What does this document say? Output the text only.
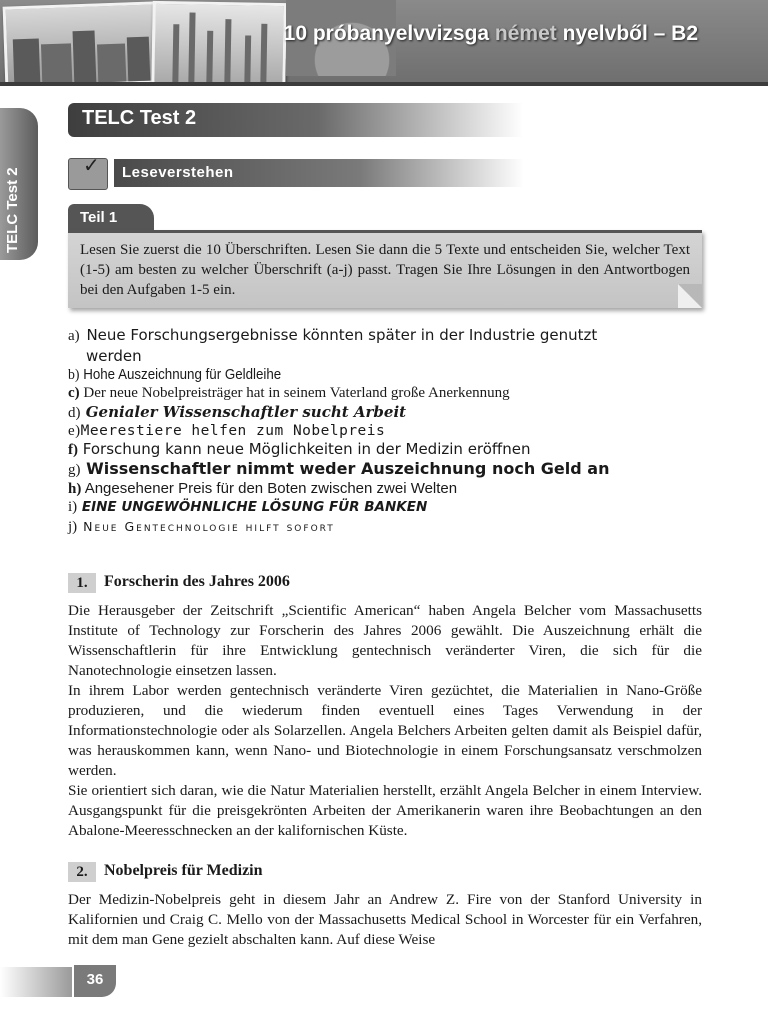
10 próbanyelvvizsga német nyelvből – B2
TELC Test 2
TELC Test 2
✓
Leseverstehen
Teil 1

Lesen Sie zuerst die 10 Überschriften. Lesen Sie dann die 5 Texte und entscheiden Sie, welcher Text (1-5) am besten zu welcher Überschrift (a-j) passt. Tragen Sie Ihre Lösungen in den Antwortbogen bei den Aufgaben 1-5 ein.

a) Neue Forschungsergebnisse könnten später in der Industrie genutzt
werden
b) Hohe Auszeichnung für Geldleihe
c) Der neue Nobelpreisträger hat in seinem Vaterland große Anerkennung
d) Genialer Wissenschaftler sucht Arbeit
e)Meerestiere helfen zum Nobelpreis
f) Forschung kann neue Möglichkeiten in der Medizin eröffnen
g) Wissenschaftler nimmt weder Auszeichnung noch Geld an
h) Angesehener Preis für den Boten zwischen zwei Welten
i) EINE UNGEWÖHNLICHE LÖSUNG FÜR BANKEN
j) Neue Gentechnologie hilft sofort
1.	Forscherin des Jahres 2006

Die Herausgeber der Zeitschrift „Scientific American“ haben Angela Belcher vom Massachusetts Institute of Technology zur Forscherin des Jahres 2006 gewählt. Die Auszeichnung erhält die Wissenschaftlerin für ihre Entwicklung gentechnisch veränderter Viren, die sich für die Nanotechnologie einsetzen lassen.

In ihrem Labor werden gentechnisch veränderte Viren gezüchtet, die Materialien in Nano-Größe produzieren, und die wiederum finden eventuell eines Tages Verwendung in der Informationstechnologie oder als Solarzellen. Angela Belchers Arbeiten gelten damit als Beispiel dafür, was herauskommen kann, wenn Nano- und Biotechnologie in einem Forschungsansatz verschmolzen werden.

Sie orientiert sich daran, wie die Natur Materialien herstellt, erzählt Angela Belcher in einem Interview. Ausgangspunkt für die preisgekrönten Arbeiten der Amerikanerin waren ihre Beobachtungen an den Abalone-Meeresschnecken an der kalifornischen Küste.

2.	Nobelpreis für Medizin

Der Medizin-Nobelpreis geht in diesem Jahr an Andrew Z. Fire von der Stanford University in Kalifornien und Craig C. Mello von der Massachusetts Medical School in Worcester für ein Verfahren, mit dem man Gene gezielt abschalten kann. Auf diese Weise

36
